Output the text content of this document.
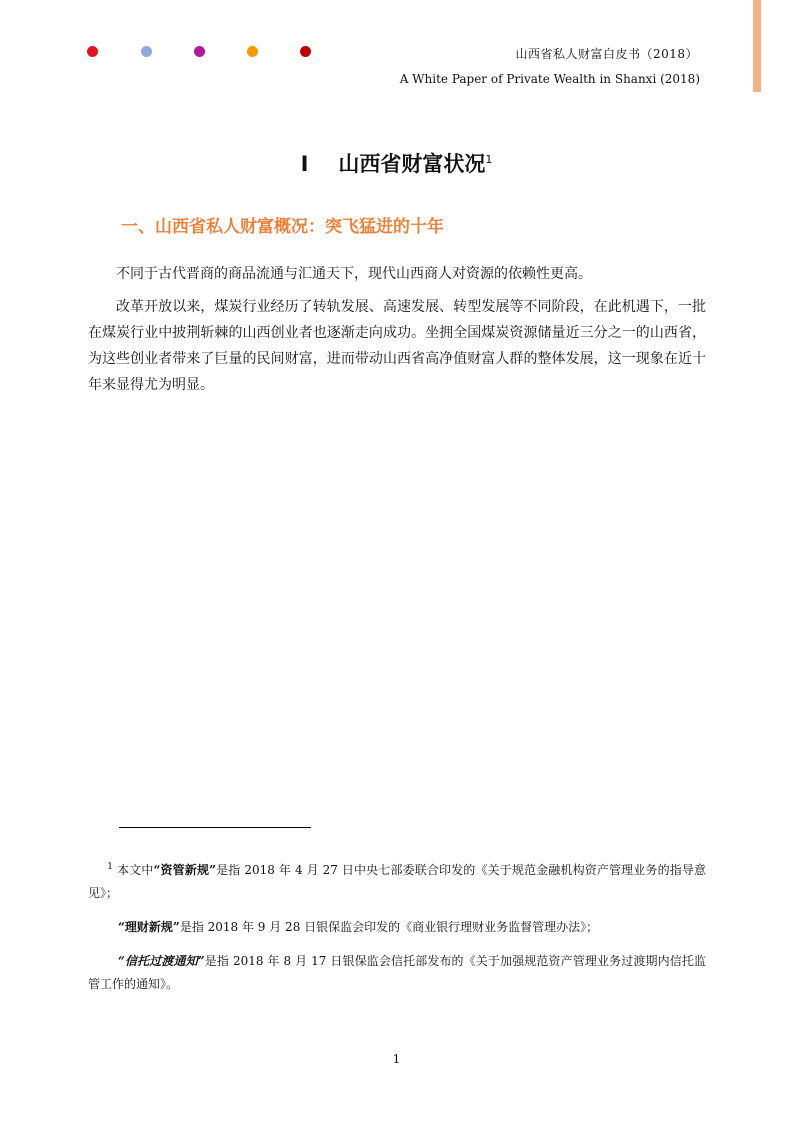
山西省私人财富白皮书（2018）
A White Paper of Private Wealth in Shanxi (2018)
I 山西省财富状况$^1$
一、山西省私人财富概况：突飞猛进的十年

不同于古代晋商的商品流通与汇通天下，现代山西商人对资源的依赖性更高。

改革开放以来，煤炭行业经历了转轨发展、高速发展、转型发展等不同阶段，在此机遇下，一批在煤炭行业中披荆斩棘的山西创业者也逐渐走向成功。坐拥全国煤炭资源储量近三分之一的山西省，为这些创业者带来了巨量的民间财富，进而带动山西省高净值财富人群的整体发展，这一现象在近十年来显得尤为明显。

$^1$ 本文中“资管新规”是指 2018 年 4 月 27 日中央七部委联合印发的《关于规范金融机构资产管理业务的指导意见》；

“理财新规”是指 2018 年 9 月 28 日银保监会印发的《商业银行理财业务监督管理办法》；

“信托过渡通知”是指 2018 年 8 月 17 日银保监会信托部发布的《关于加强规范资产管理业务过渡期内信托监管工作的通知》。

1
